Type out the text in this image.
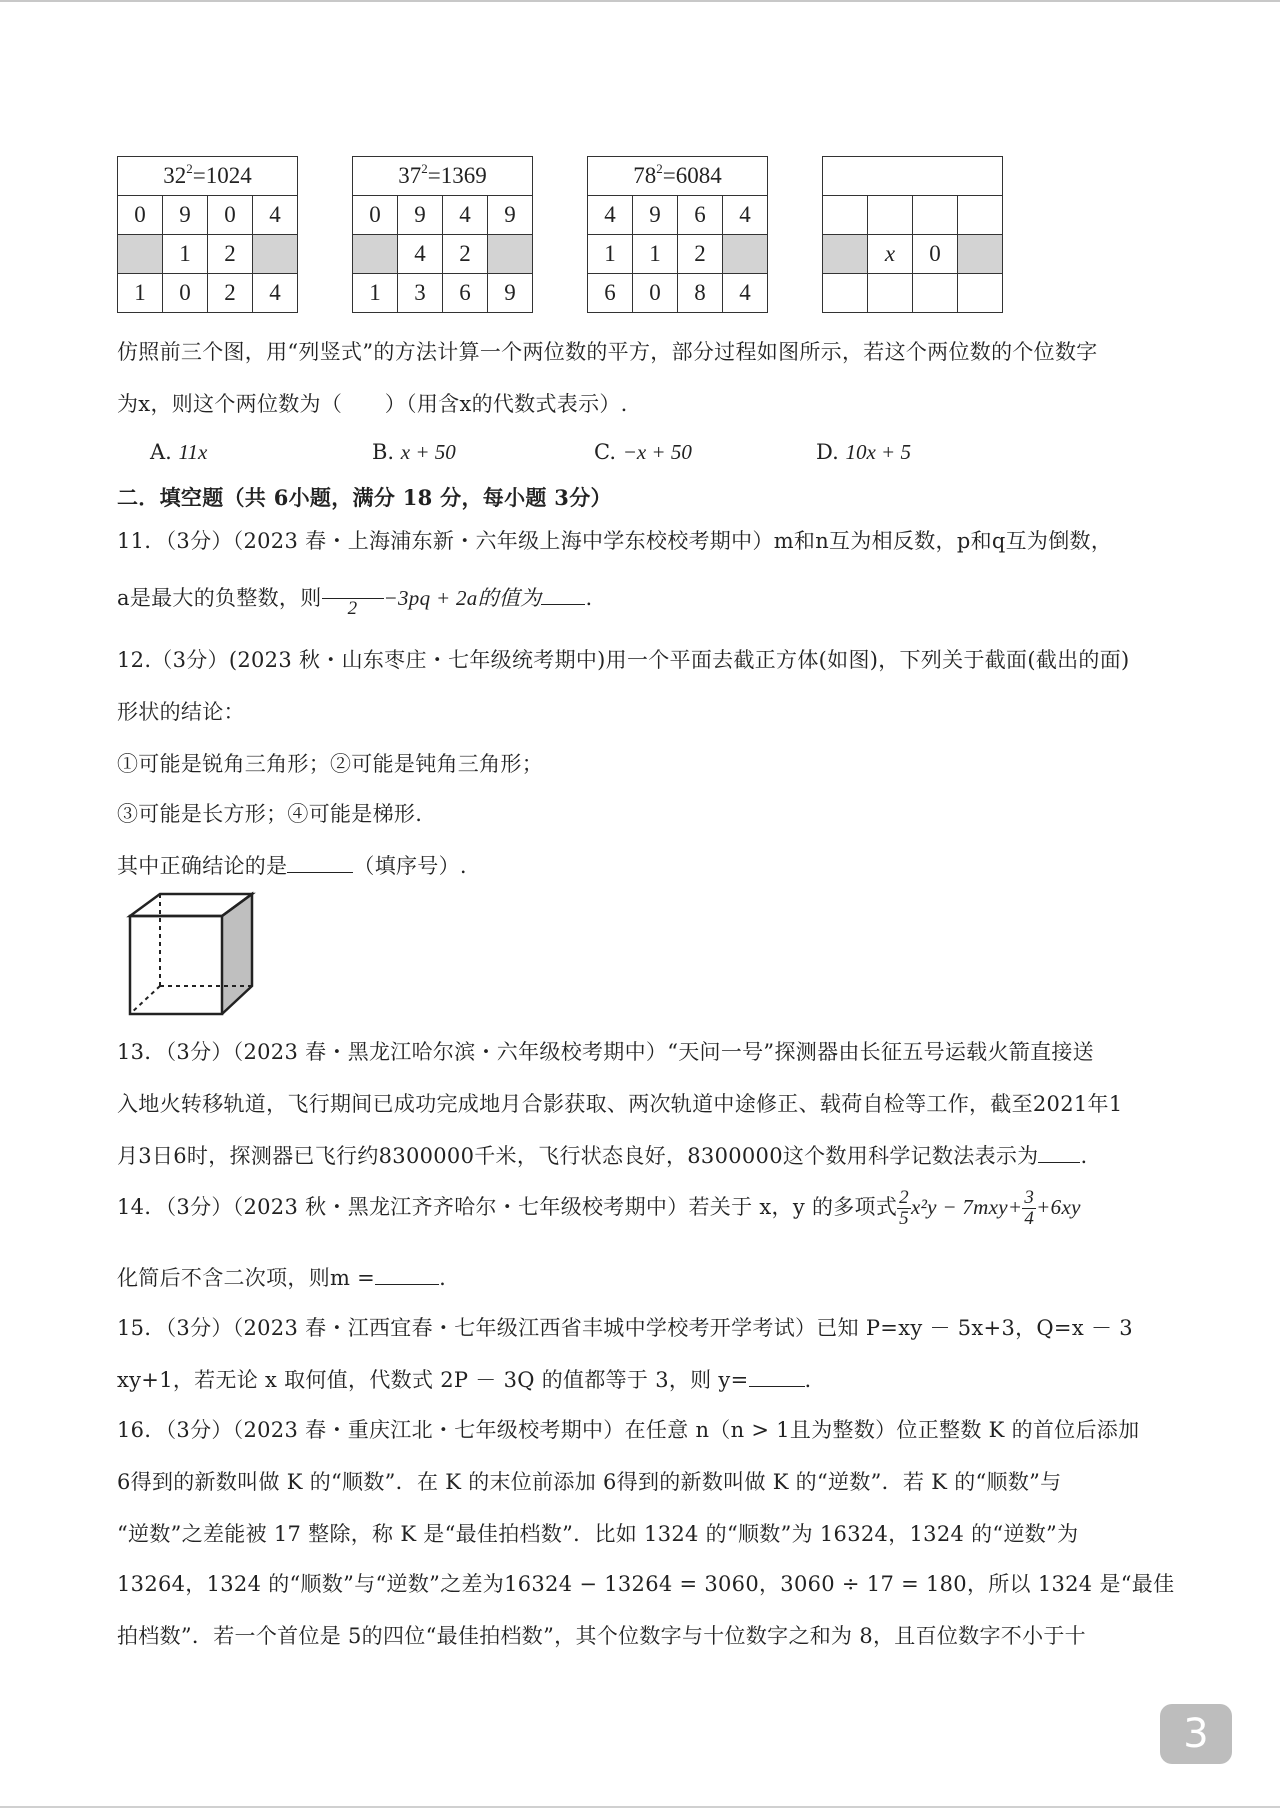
$32^2=1024$			
0	9	0	4
	1	2	
1	0	2	4
$37^2=1369$			
0	9	4	9
	4	2	
1	3	6	9
$78^2=6084$			
4	9	6	4
1	1	2	
6	0	8	4

	x	0	

仿照前三个图，用“列竖式”的方法计算一个两位数的平方，部分过程如图所示，若这个两位数的个位数字
为x，则这个两位数为（　　）（用含x的代数式表示）.
A. 11x	B. x + 50	C. −x + 50	D. 10x + 5
二．填空题（共 6小题，满分 18 分，每小题 3分）
11．（3分）（2023 春・上海浦东新・六年级上海中学东校校考期中）m和n互为相反数，p和q互为倒数，
a是最大的负整数，则	2	−3pq + 2a的值为 .
12.（3分）(2023 秋・山东枣庄・七年级统考期中)用一个平面去截正方体(如图)，下列关于截面(截出的面)
形状的结论：
①可能是锐角三角形；②可能是钝角三角形；
③可能是长方形；④可能是梯形.
其中正确结论的是	（填序号）.
13．（3分）（2023 春・黑龙江哈尔滨・六年级校考期中）“天问一号”探测器由长征五号运载火箭直接送
入地火转移轨道，飞行期间已成功完成地月合影获取、两次轨道中途修正、载荷自检等工作，截至2021年1
月3日6时，探测器已飞行约8300000千米，飞行状态良好，8300000这个数用科学记数法表示为 .
14．（3分）（2023 秋・黑龙江齐齐哈尔・七年级校考期中）若关于 x，y 的多项式 $\frac{2}{5} x^2y - 7mxy+ \frac{3}{4} +6xy$
化简后不含二次项，则m =	.
15．（3分）（2023 春・江西宜春・七年级江西省丰城中学校考开学考试）已知 P=xy － 5x+3，Q=x － 3
xy+1，若无论 x 取何值，代数式 2P － 3Q 的值都等于 3，则 y=	.
16．（3分）（2023 春・重庆江北・七年级校考期中）在任意 n（n > 1且为整数）位正整数 K 的首位后添加
6得到的新数叫做 K 的“顺数”．在 K 的末位前添加 6得到的新数叫做 K 的“逆数”．若 K 的“顺数”与
“逆数”之差能被 17 整除，称 K 是“最佳拍档数”．比如 1324 的“顺数”为 16324，1324 的“逆数”为
13264，1324 的“顺数”与“逆数”之差为16324 − 13264 = 3060，3060 ÷ 17 = 180，所以 1324 是“最佳
拍档数”．若一个首位是 5的四位“最佳拍档数”，其个位数字与十位数字之和为 8，且百位数字不小于十
3
